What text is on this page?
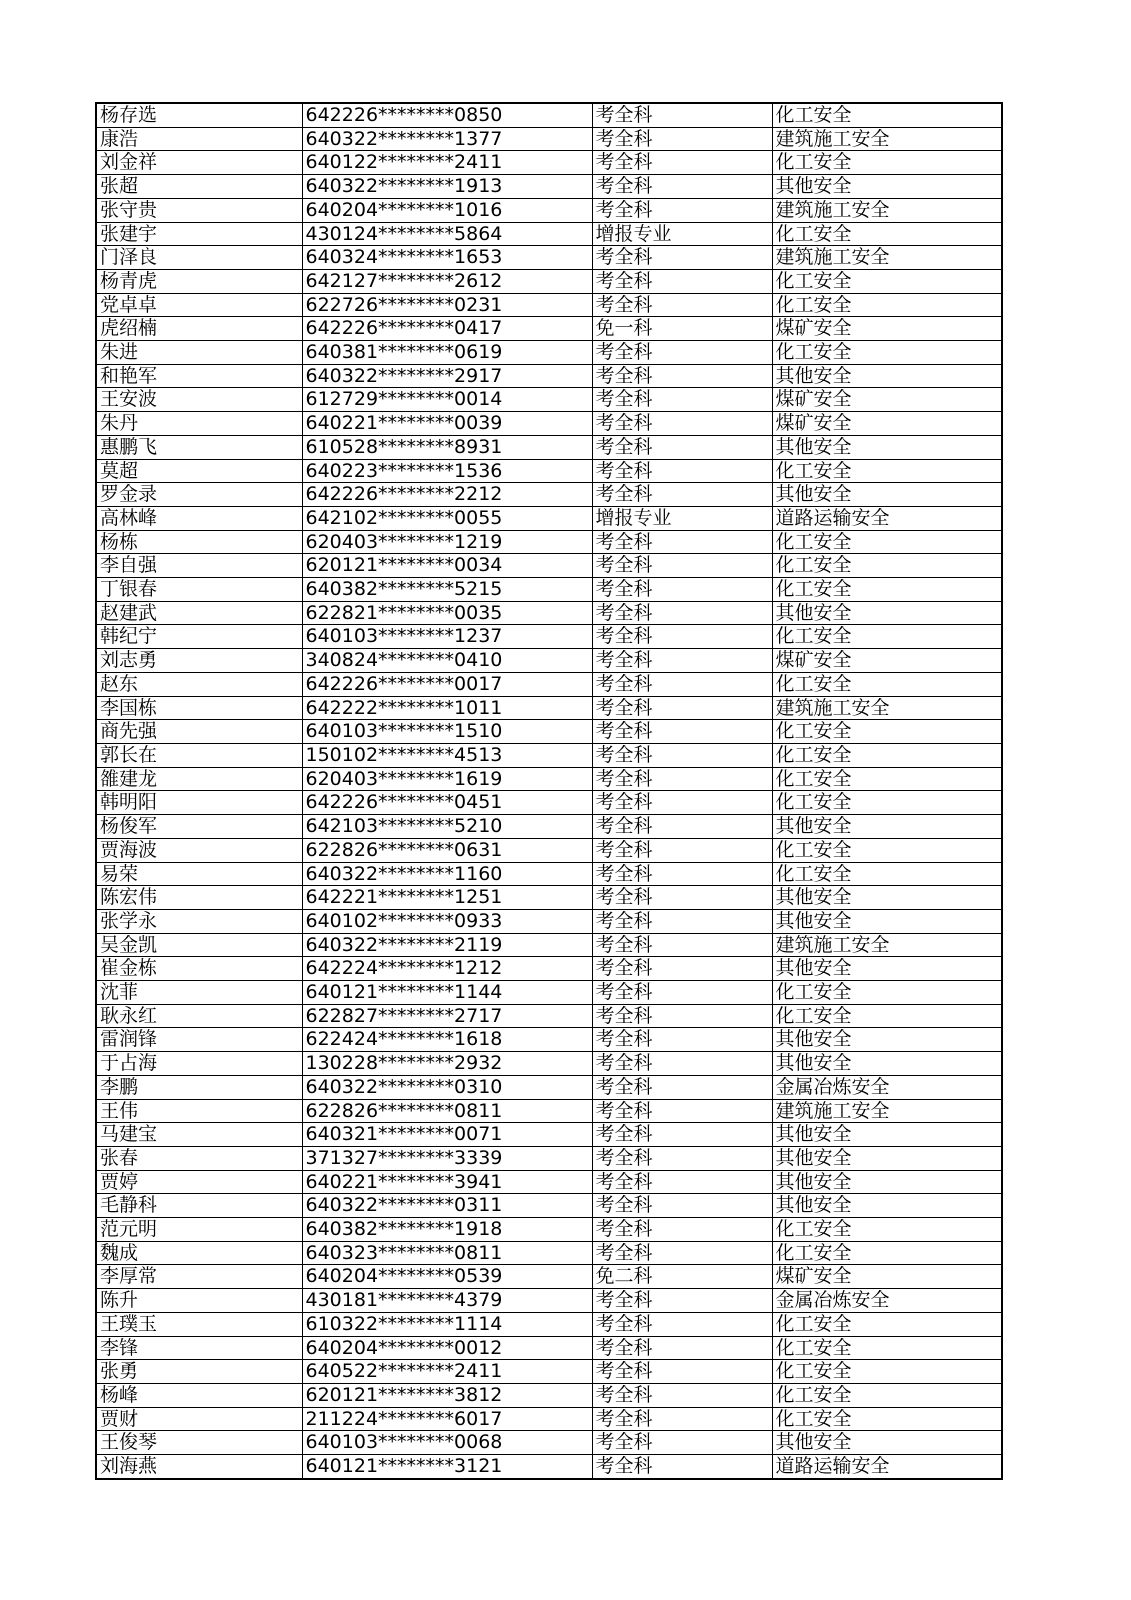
杨存选	642226********0850	考全科	化工安全
康浩	640322********1377	考全科	建筑施工安全
刘金祥	640122********2411	考全科	化工安全
张超	640322********1913	考全科	其他安全
张守贵	640204********1016	考全科	建筑施工安全
张建宇	430124********5864	增报专业	化工安全
门泽良	640324********1653	考全科	建筑施工安全
杨青虎	642127********2612	考全科	化工安全
党卓卓	622726********0231	考全科	化工安全
虎绍楠	642226********0417	免一科	煤矿安全
朱进	640381********0619	考全科	化工安全
和艳军	640322********2917	考全科	其他安全
王安波	612729********0014	考全科	煤矿安全
朱丹	640221********0039	考全科	煤矿安全
惠鹏飞	610528********8931	考全科	其他安全
莫超	640223********1536	考全科	化工安全
罗金录	642226********2212	考全科	其他安全
高林峰	642102********0055	增报专业	道路运输安全
杨栋	620403********1219	考全科	化工安全
李自强	620121********0034	考全科	化工安全
丁银春	640382********5215	考全科	化工安全
赵建武	622821********0035	考全科	其他安全
韩纪宁	640103********1237	考全科	化工安全
刘志勇	340824********0410	考全科	煤矿安全
赵东	642226********0017	考全科	化工安全
李国栋	642222********1011	考全科	建筑施工安全
商先强	640103********1510	考全科	化工安全
郭长在	150102********4513	考全科	化工安全
雒建龙	620403********1619	考全科	化工安全
韩明阳	642226********0451	考全科	化工安全
杨俊军	642103********5210	考全科	其他安全
贾海波	622826********0631	考全科	化工安全
易荣	640322********1160	考全科	化工安全
陈宏伟	642221********1251	考全科	其他安全
张学永	640102********0933	考全科	其他安全
吴金凯	640322********2119	考全科	建筑施工安全
崔金栋	642224********1212	考全科	其他安全
沈菲	640121********1144	考全科	化工安全
耿永红	622827********2717	考全科	化工安全
雷润锋	622424********1618	考全科	其他安全
于占海	130228********2932	考全科	其他安全
李鹏	640322********0310	考全科	金属冶炼安全
王伟	622826********0811	考全科	建筑施工安全
马建宝	640321********0071	考全科	其他安全
张春	371327********3339	考全科	其他安全
贾婷	640221********3941	考全科	其他安全
毛静科	640322********0311	考全科	其他安全
范元明	640382********1918	考全科	化工安全
魏成	640323********0811	考全科	化工安全
李厚常	640204********0539	免二科	煤矿安全
陈升	430181********4379	考全科	金属冶炼安全
王璞玉	610322********1114	考全科	化工安全
李锋	640204********0012	考全科	化工安全
张勇	640522********2411	考全科	化工安全
杨峰	620121********3812	考全科	化工安全
贾财	211224********6017	考全科	化工安全
王俊琴	640103********0068	考全科	其他安全
刘海燕	640121********3121	考全科	道路运输安全
